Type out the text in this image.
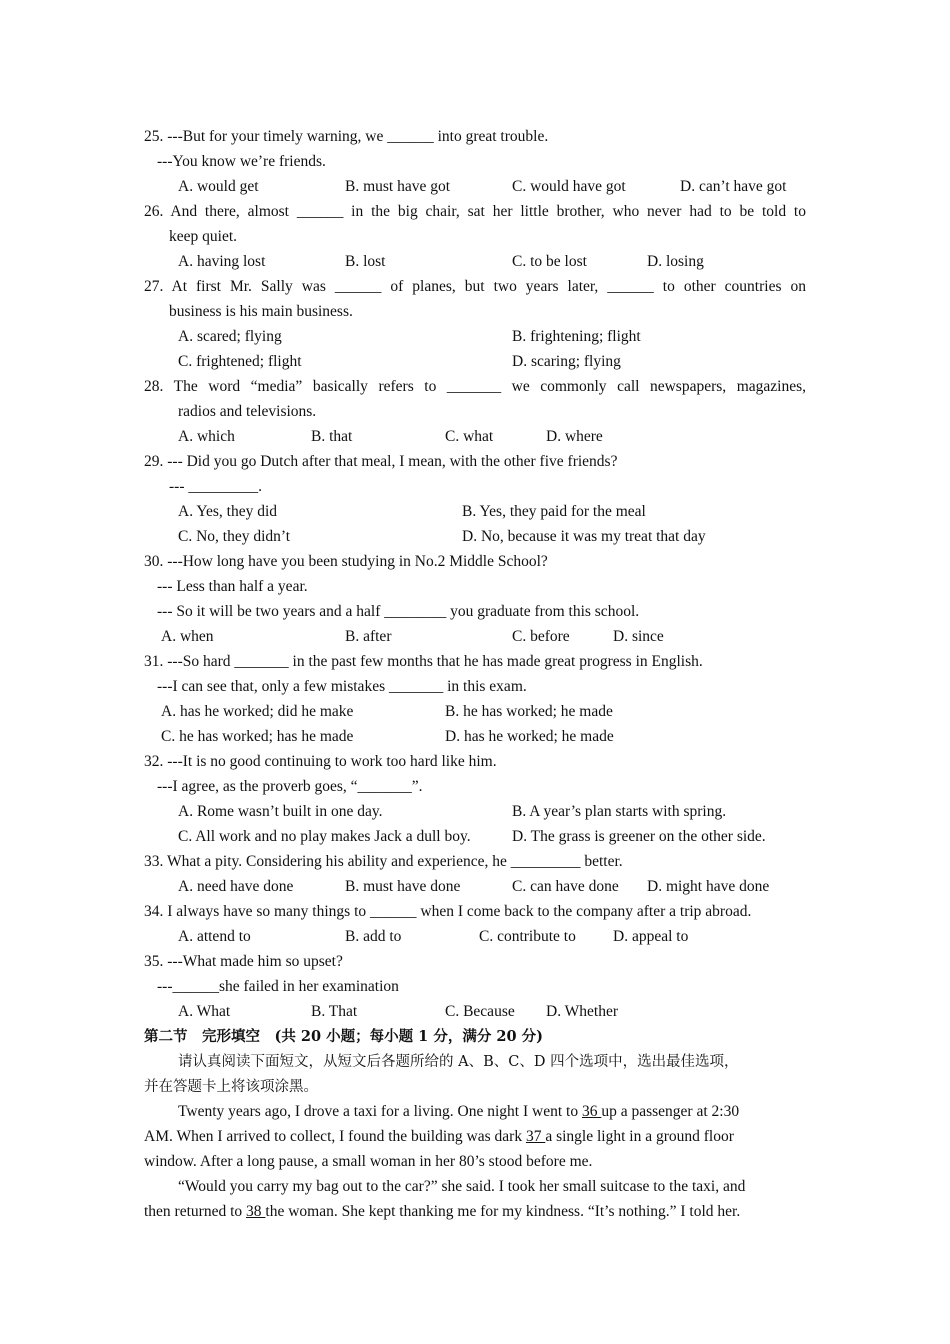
25. ---But for your timely warning, we ______ into great trouble.
---You know we’re friends.
A. would get	B. must have got	C. would have got	D. can’t have got
26. And there, almost ______ in the big chair, sat her little brother, who never had to be told to
keep quiet.
A. having lost	B. lost	C. to be lost	D. losing
27. At first Mr. Sally was ______ of planes, but two years later, ______ to other countries on
business is his main business.
A. scared; flying	B. frightening; flight
C. frightened; flight	D. scaring; flying
28. The word “media” basically refers to _______ we commonly call newspapers, magazines,
radios and televisions.
A. which	B. that	C. what	D. where
29. --- Did you go Dutch after that meal, I mean, with the other five friends?
--- _________.
A. Yes, they did	B. Yes, they paid for the meal
C. No, they didn’t	D. No, because it was my treat that day
30. ---How long have you been studying in No.2 Middle School?
--- Less than half a year.
--- So it will be two years and a half ________ you graduate from this school.
A. when	B. after	C. before	D. since
31. ---So hard _______ in the past few months that he has made great progress in English.
---I can see that, only a few mistakes _______ in this exam.
A. has he worked; did he make	B. he has worked; he made
C. he has worked; has he made	D. has he worked; he made
32. ---It is no good continuing to work too hard like him.
---I agree, as the proverb goes, “_______”.
A. Rome wasn’t built in one day.	B. A year’s plan starts with spring.
C. All work and no play makes Jack a dull boy.	D. The grass is greener on the other side.
33. What a pity. Considering his ability and experience, he _________ better.
A. need have done	B. must have done	C. can have done D. might have done
34. I always have so many things to ______ when I come back to the company after a trip abroad.
A. attend to	B. add to	C. contribute to D. appeal to
35. ---What made him so upset?
---______she failed in her examination
A. What	B. That	C. Because D. Whether
第二节　完形填空　(共 20 小题；每小题 1 分，满分 20 分)
请认真阅读下面短文，从短文后各题所给的 A、B、C、D 四个选项中，选出最佳选项，
并在答题卡上将该项涂黑。
Twenty years ago, I drove a taxi for a living. One night I went to 36 up a passenger at 2:30
AM. When I arrived to collect, I found the building was dark 37 a single light in a ground floor
window. After a long pause, a small woman in her 80’s stood before me.
“Would you carry my bag out to the car?” she said. I took her small suitcase to the taxi, and
then returned to 38 the woman. She kept thanking me for my kindness. “It’s nothing.” I told her.
